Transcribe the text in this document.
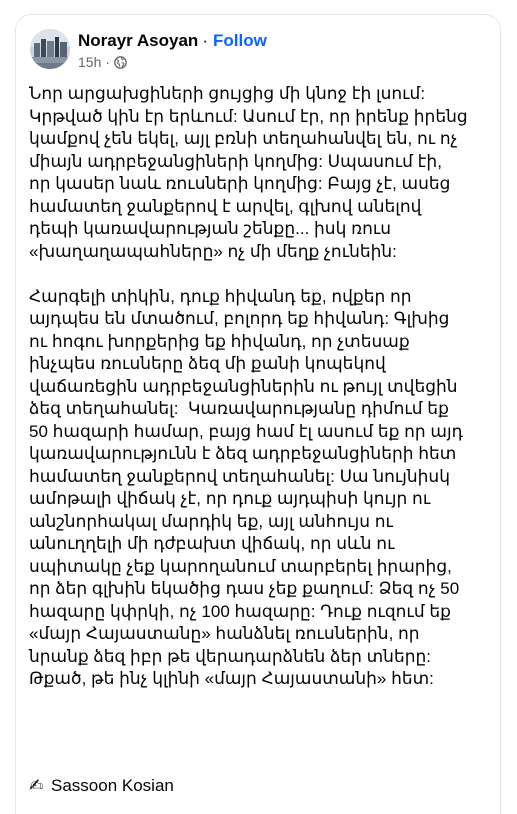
Norayr Asoyan · Follow
15h ·
Նոր արցախցիների ցույցից մի կնոջ էի լսում:
Կրթված կին էր երևում: Ասում էր, որ իրենք իրենց
կամքով չեն եկել, այլ բռնի տեղահանվել են, ու ոչ
միայն ադրբեջանցիների կողմից: Սպասում էի,
որ կասեր նաև ռուսների կողմից: Բայց չէ, ասեց
համատեղ ջանքերով է արվել, գլխով անելով
դեպի կառավարության շենքը... իսկ ռուս
«խաղաղապահները» ոչ մի մեղք չունեին:
Հարգելի տիկին, դուք հիվանդ եք, ովքեր որ
այդպես են մտածում, բոլորդ եք հիվանդ: Գլխից
ու հոգու խորքերից եք հիվանդ, որ չտեսաք
ինչպես ռուսները ձեզ մի քանի կոպեկով
վաճառեցին ադրբեջանցիներին ու թույլ տվեցին
ձեզ տեղահանել:  Կառավարությանը դիմում եք
50 հազարի համար, բայց համ էլ ասում եք որ այդ
կառավարությունն է ձեզ ադրբեջանցիների հետ
համատեղ ջանքերով տեղահանել: Սա նույնիսկ
ամոթալի վիճակ չէ, որ դուք այդպիսի կույր ու
անշնորհակալ մարդիկ եք, այլ անհույս ու
անուղղելի մի դժբախտ վիճակ, որ սևն ու
սպիտակը չեք կարողանում տարբերել իրարից,
որ ձեր գլխին եկածից դաս չեք քաղում: Ձեզ ոչ 50
հազարը կփրկի, ոչ 100 հազարը: Դուք ուզում եք
«մայր Հայաստանը» հանձնել ռուսներին, որ
նրանք ձեզ իբր թե վերադարձնեն ձեր տները:
Թքած, թե ինչ կլինի «մայր Հայաստանի» հետ:
✍ Sassoon Kosian
